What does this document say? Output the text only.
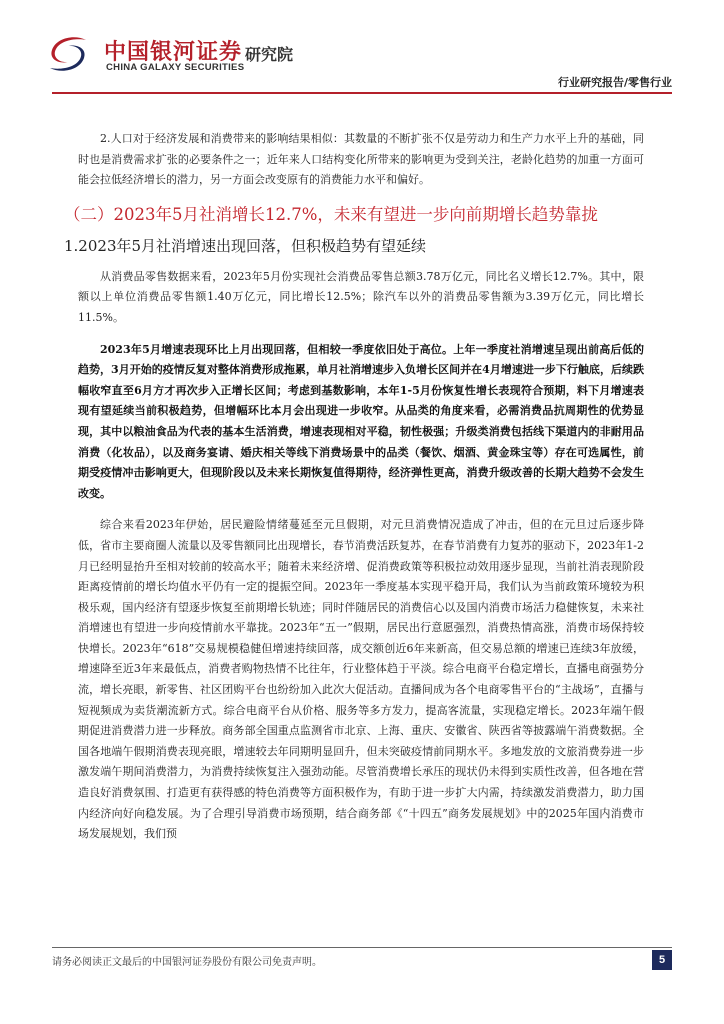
中国银河证券 研究院
CHINA GALAXY SECURITIES
行业研究报告/零售行业

2.人口对于经济发展和消费带来的影响结果相似：其数量的不断扩张不仅是劳动力和生产力水平上升的基础，同时也是消费需求扩张的必要条件之一；近年来人口结构变化所带来的影响更为受到关注，老龄化趋势的加重一方面可能会拉低经济增长的潜力，另一方面会改变原有的消费能力水平和偏好。

（二）2023年5月社消增长12.7%，未来有望进一步向前期增长趋势靠拢
1.2023年5月社消增速出现回落，但积极趋势有望延续

从消费品零售数据来看，2023年5月份实现社会消费品零售总额3.78万亿元，同比名义增长12.7%。其中，限额以上单位消费品零售额1.40万亿元，同比增长12.5%；除汽车以外的消费品零售额为3.39万亿元，同比增长11.5%。

2023年5月增速表现环比上月出现回落，但相较一季度依旧处于高位。上年一季度社消增速呈现出前高后低的趋势，3月开始的疫情反复对整体消费形成拖累，单月社消增速步入负增长区间并在4月增速进一步下行触底，后续跌幅收窄直至6月方才再次步入正增长区间；考虑到基数影响，本年1-5月份恢复性增长表现符合预期，料下月增速表现有望延续当前积极趋势，但增幅环比本月会出现进一步收窄。从品类的角度来看，必需消费品抗周期性的优势显现，其中以粮油食品为代表的基本生活消费，增速表现相对平稳，韧性极强；升级类消费包括线下渠道内的非耐用品消费（化妆品），以及商务宴请、婚庆相关等线下消费场景中的品类（餐饮、烟酒、黄金珠宝等）存在可选属性，前期受疫情冲击影响更大，但现阶段以及未来长期恢复值得期待，经济弹性更高，消费升级改善的长期大趋势不会发生改变。

综合来看2023年伊始，居民避险情绪蔓延至元旦假期，对元旦消费情况造成了冲击，但的在元旦过后逐步降低，省市主要商圈人流量以及零售额同比出现增长，春节消费活跃复苏，在春节消费有力复苏的驱动下，2023年1-2月已经明显抬升至相对较前的较高水平；随着未来经济增、促消费政策等积极拉动效用逐步显现，当前社消表现阶段距离疫情前的增长均值水平仍有一定的提振空间。2023年一季度基本实现平稳开局，我们认为当前政策环境较为积极乐观，国内经济有望逐步恢复至前期增长轨迹；同时伴随居民的消费信心以及国内消费市场活力稳健恢复，未来社消增速也有望进一步向疫情前水平靠拢。2023年“五一”假期，居民出行意愿强烈，消费热情高涨，消费市场保持较快增长。2023年“618”交易规模稳健但增速持续回落，成交额创近6年来新高，但交易总额的增速已连续3年放缓，增速降至近3年来最低点，消费者购物热情不比往年，行业整体趋于平淡。综合电商平台稳定增长，直播电商强势分流，增长亮眼，新零售、社区团购平台也纷纷加入此次大促活动。直播间成为各个电商零售平台的“主战场”，直播与短视频成为卖货潮流新方式。综合电商平台从价格、服务等多方发力，提高客流量，实现稳定增长。2023年端午假期促进消费潜力进一步释放。商务部全国重点监测省市北京、上海、重庆、安徽省、陕西省等披露端午消费数据。全国各地端午假期消费表现亮眼，增速较去年同期明显回升，但未突破疫情前同期水平。多地发放的文旅消费券进一步激发端午期间消费潜力，为消费持续恢复注入强劲动能。尽管消费增长承压的现状仍未得到实质性改善，但各地在营造良好消费氛围、打造更有获得感的特色消费等方面积极作为，有助于进一步扩大内需，持续激发消费潜力，助力国内经济向好向稳发展。为了合理引导消费市场预期，结合商务部《“十四五”商务发展规划》中的2025年国内消费市场发展规划，我们预

请务必阅读正文最后的中国银河证券股份有限公司免责声明。	5
